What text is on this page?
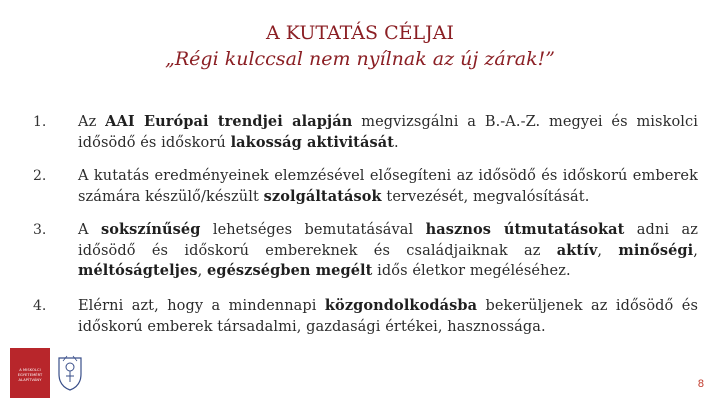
A KUTATÁS CÉLJAI
„Régi kulccsal nem nyílnak az új zárak!”
1. Az AAI Európai trendjei alapján megvizsgálni a B.-A.-Z. megyei és miskolci idősödő és időskorú lakosság aktivitását.
2. A kutatás eredményeinek elemzésével elősegíteni az idősödő és időskorú emberek számára készülő/készült szolgáltatások tervezését, megvalósítását.
3. A sokszínűség lehetséges bemutatásával hasznos útmutatásokat adni az idősödő és időskorú embereknek és családjaiknak az aktív, minőségi, méltóságteljes, egészségben megélt idős életkor megéléséhez.
4. Elérni azt, hogy a mindennapi közgondolkodásba bekerüljenek az idősödő és időskorú emberek társadalmi, gazdasági értékei, hasznossága.
A MISKOLCI
EGYETEMÉRT
ALAPÍTVÁNY	8
